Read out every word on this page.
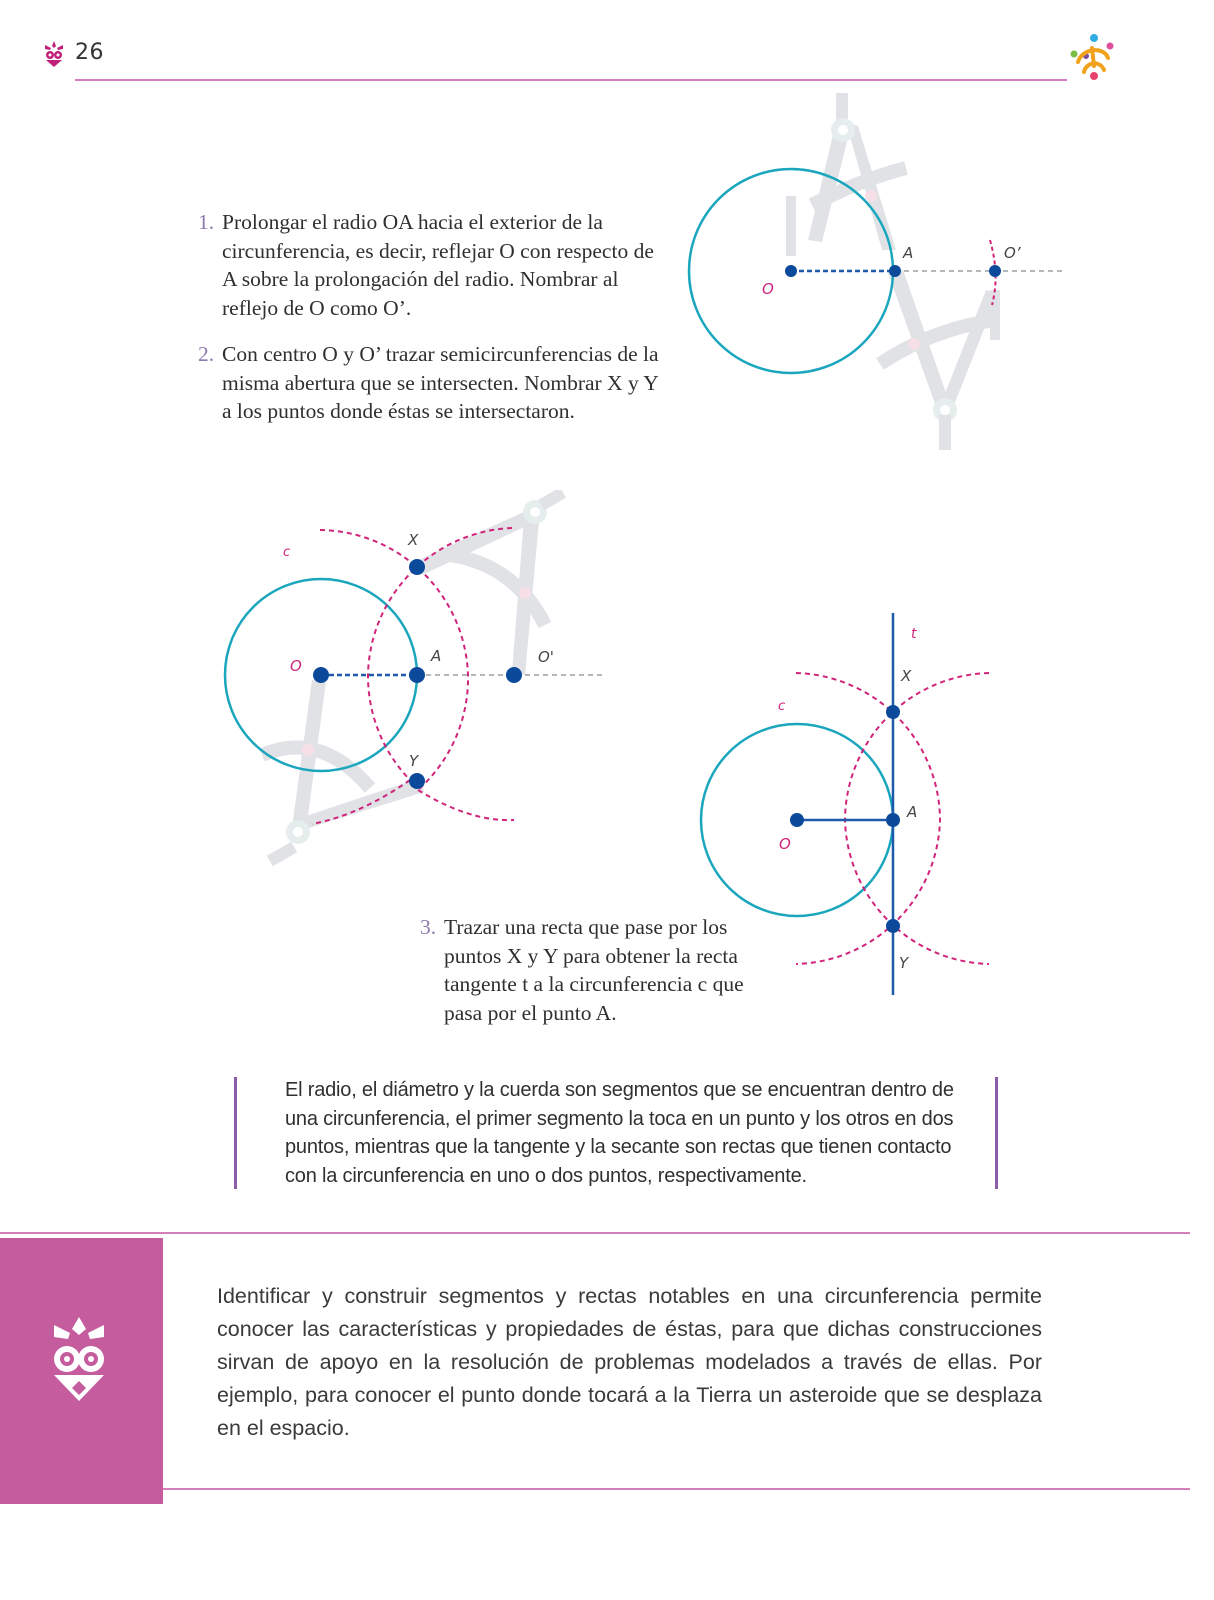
26
1. Prolongar el radio OA hacia el exterior de la circunferencia, es decir, reflejar O con respecto de A sobre la prolongación del radio. Nombrar al reflejo de O como O’.
2. Con centro O y O’ trazar semicircunferencias de la misma abertura que se intersecten. Nombrar X y Y a los puntos donde éstas se intersectaron.
O
A	O’
c
X
O
A	O'
Y
t
X
c
A
O
Y
3. Trazar una recta que pase por los puntos X y Y para obtener la recta tangente t a la circunferencia c que pasa por el punto A.
El radio, el diámetro y la cuerda son segmentos que se encuentran dentro de una circunferencia, el primer segmento la toca en un punto y los otros en dos puntos, mientras que la tangente y la secante son rectas que tienen contacto con la circunferencia en uno o dos puntos, respectivamente.
Identificar y construir segmentos y rectas notables en una circunferencia permite conocer las características y propiedades de éstas, para que dichas construcciones sirvan de apoyo en la resolución de problemas modelados a través de ellas. Por ejemplo, para conocer el punto donde tocará a la Tierra un asteroide que se desplaza en el espacio.
